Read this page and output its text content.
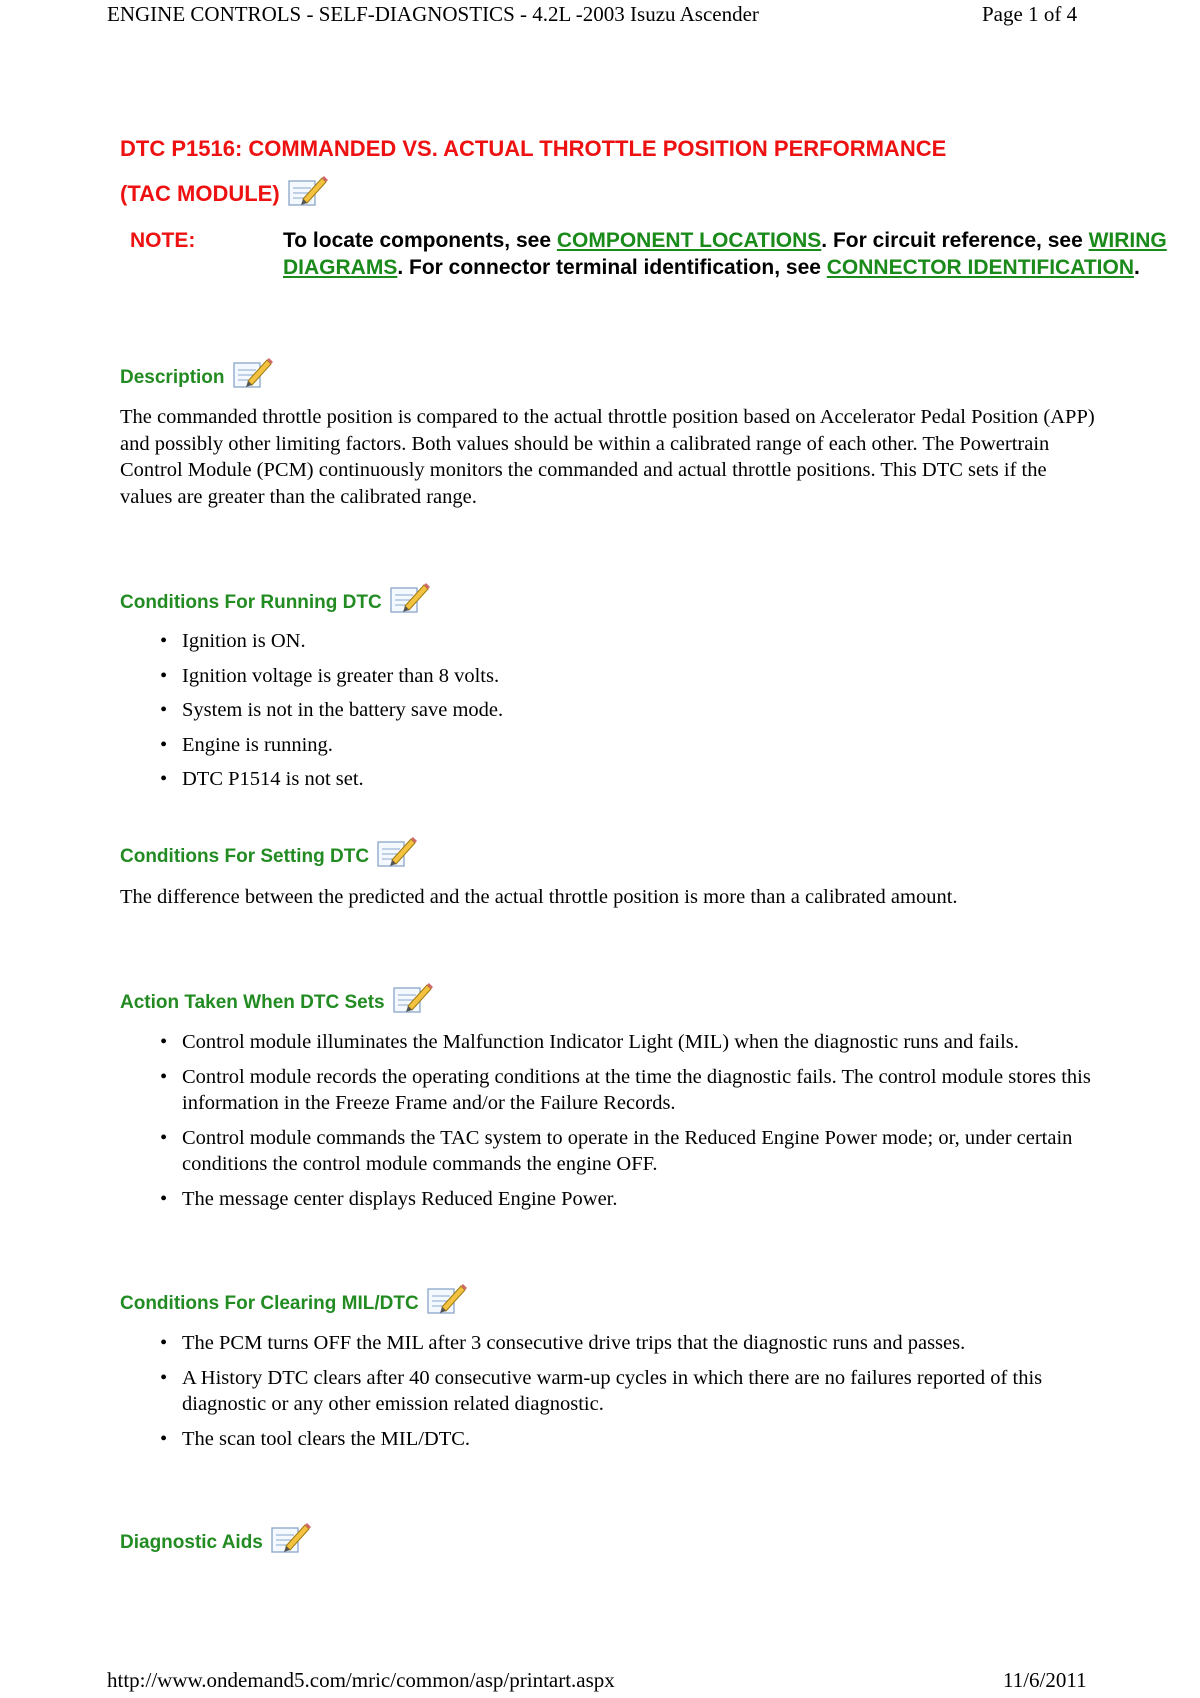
ENGINE CONTROLS - SELF-DIAGNOSTICS - 4.2L -2003 Isuzu Ascender	Page 1 of 4
DTC P1516: COMMANDED VS. ACTUAL THROTTLE POSITION PERFORMANCE
(TAC MODULE)
NOTE:	To locate components, see COMPONENT LOCATIONS. For circuit reference, see WIRING DIAGRAMS. For connector terminal identification, see CONNECTOR IDENTIFICATION.
Description
The commanded throttle position is compared to the actual throttle position based on Accelerator Pedal Position (APP) and possibly other limiting factors. Both values should be within a calibrated range of each other. The Powertrain Control Module (PCM) continuously monitors the commanded and actual throttle positions. This DTC sets if the values are greater than the calibrated range.
Conditions For Running DTC
• Ignition is ON.
• Ignition voltage is greater than 8 volts.
• System is not in the battery save mode.
• Engine is running.
• DTC P1514 is not set.
Conditions For Setting DTC
The difference between the predicted and the actual throttle position is more than a calibrated amount.
Action Taken When DTC Sets
• Control module illuminates the Malfunction Indicator Light (MIL) when the diagnostic runs and fails.
• Control module records the operating conditions at the time the diagnostic fails. The control module stores this information in the Freeze Frame and/or the Failure Records.
• Control module commands the TAC system to operate in the Reduced Engine Power mode; or, under certain conditions the control module commands the engine OFF.
• The message center displays Reduced Engine Power.
Conditions For Clearing MIL/DTC
• The PCM turns OFF the MIL after 3 consecutive drive trips that the diagnostic runs and passes.
• A History DTC clears after 40 consecutive warm-up cycles in which there are no failures reported of this diagnostic or any other emission related diagnostic.
• The scan tool clears the MIL/DTC.
Diagnostic Aids
http://www.ondemand5.com/mric/common/asp/printart.aspx	11/6/2011
